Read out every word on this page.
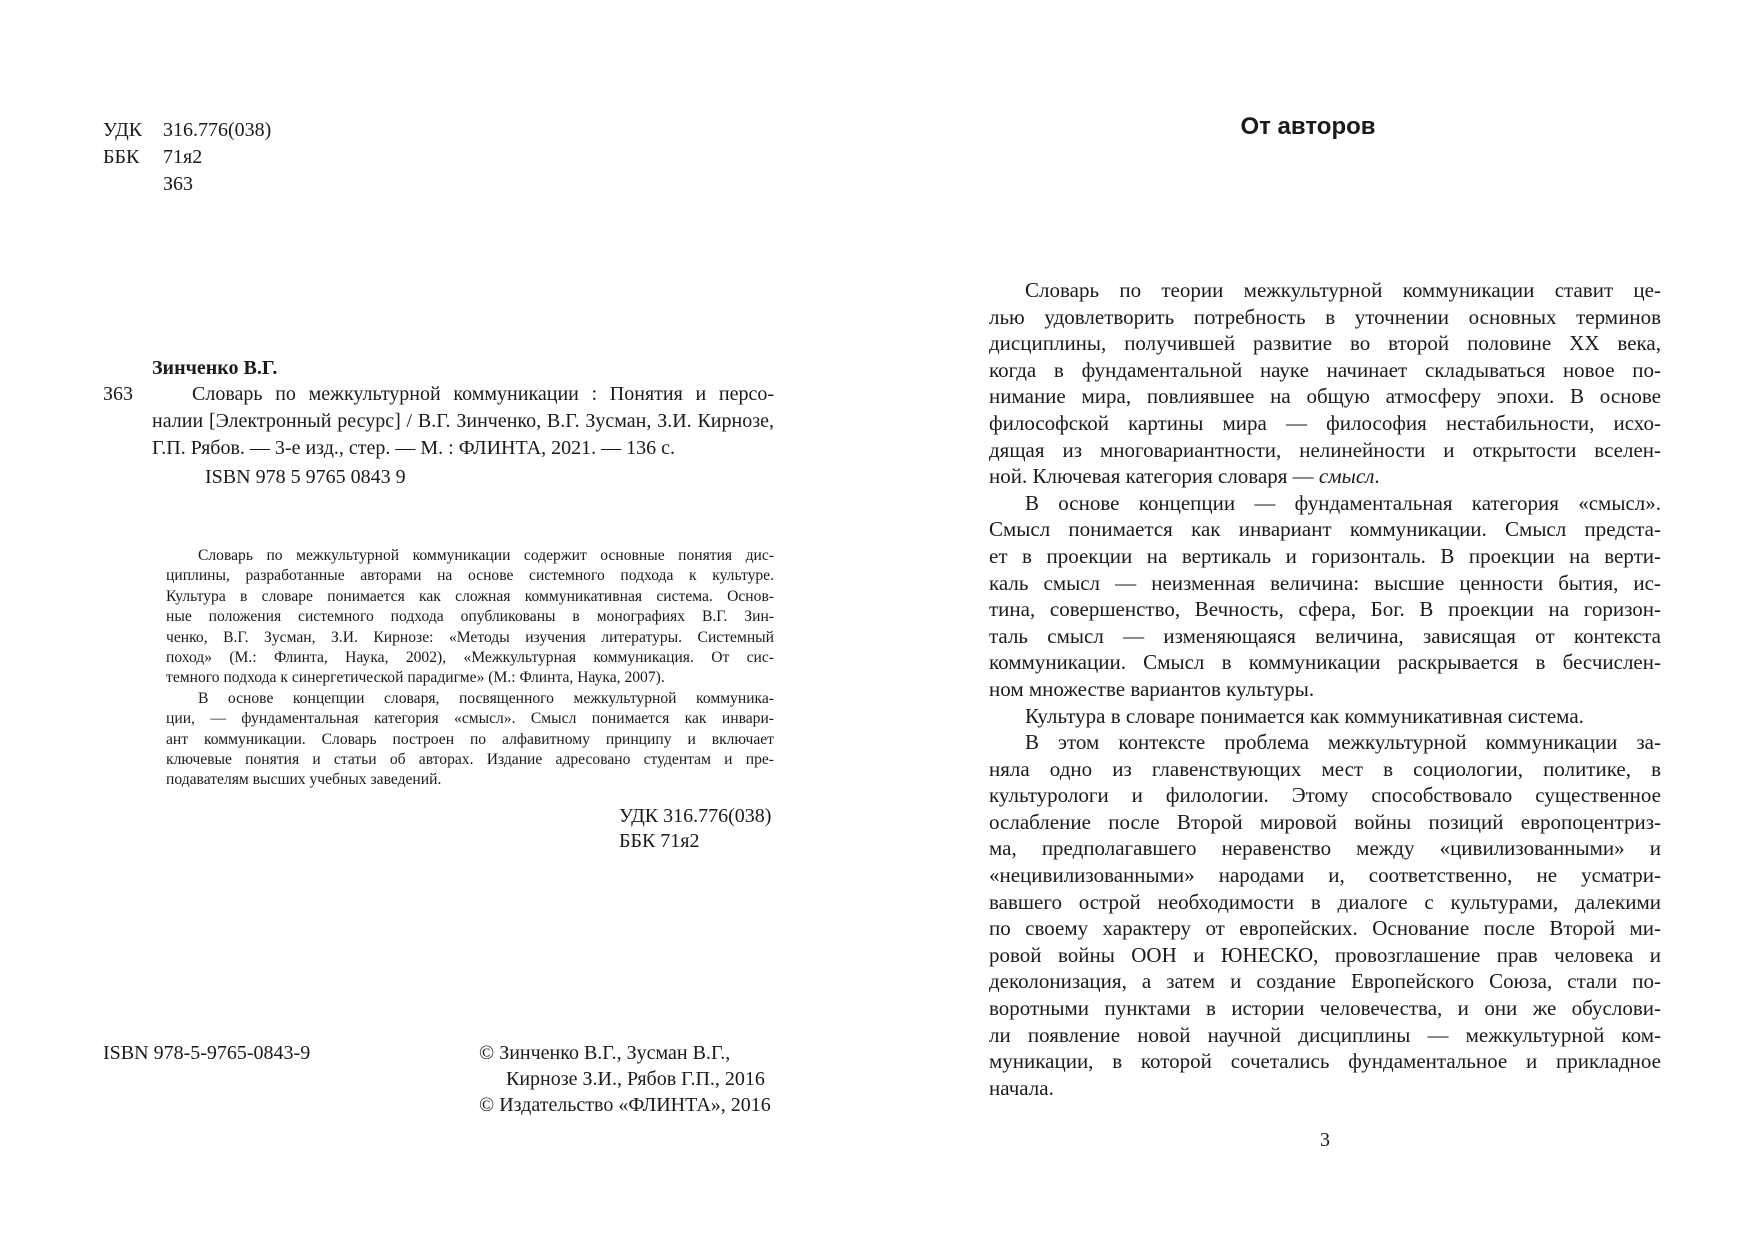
УДК 316.776(038)
ББК 71я2
З63
Зинченко В.Г.
З63	Словарь по межкультурной коммуникации : Понятия и персо-
налии [Электронный ресурс] / В.Г. Зинченко, В.Г. Зусман, З.И. Кирнозе,
Г.П. Рябов. — 3-е изд., стер. — М. : ФЛИНТА, 2021. — 136 с.
ISBN 978 5 9765 0843 9

Словарь по межкультурной коммуникации содержит основные понятия дис-
циплины, разработанные авторами на основе системного подхода к культуре.
Культура в словаре понимается как сложная коммуникативная система. Основ-
ные положения системного подхода опубликованы в монографиях В.Г. Зин-
ченко, В.Г. Зусман, З.И. Кирнозе: «Методы изучения литературы. Системный
поход» (М.: Флинта, Наука, 2002), «Межкультурная коммуникация. От сис-
темного подхода к синергетической парадигме» (М.: Флинта, Наука, 2007).

В основе концепции словаря, посвященного межкультурной коммуника-
ции, — фундаментальная категория «смысл». Смысл понимается как инвари-
ант коммуникации. Словарь построен по алфавитному принципу и включает
ключевые понятия и статьи об авторах. Издание адресовано студентам и пре-
подавателям высших учебных заведений.

УДК 316.776(038)
ББК 71я2
ISBN 978-5-9765-0843-9	© Зинченко В.Г., Зусман В.Г.,
Кирнозе З.И., Рябов Г.П., 2016
© Издательство «ФЛИНТА», 2016
От авторов

Словарь по теории межкультурной коммуникации ставит це-
лью удовлетворить потребность в уточнении основных терминов
дисциплины, получившей развитие во второй половине XX века,
когда в фундаментальной науке начинает складываться новое по-
нимание мира, повлиявшее на общую атмосферу эпохи. В основе
философской картины мира — философия нестабильности, исхо-
дящая из многовариантности, нелинейности и открытости вселен-
ной. Ключевая категория словаря — смысл.

В основе концепции — фундаментальная категория «смысл».
Смысл понимается как инвариант коммуникации. Смысл предста-
ет в проекции на вертикаль и горизонталь. В проекции на верти-
каль смысл — неизменная величина: высшие ценности бытия, ис-
тина, совершенство, Вечность, сфера, Бог. В проекции на горизон-
таль смысл — изменяющаяся величина, зависящая от контекста
коммуникации. Смысл в коммуникации раскрывается в бесчислен-
ном множестве вариантов культуры.

Культура в словаре понимается как коммуникативная система.

В этом контексте проблема межкультурной коммуникации за-
няла одно из главенствующих мест в социологии, политике, в
культурологи и филологии. Этому способствовало существенное
ослабление после Второй мировой войны позиций европоцентриз-
ма, предполагавшего неравенство между «цивилизованными» и
«нецивилизованными» народами и, соответственно, не усматри-
вавшего острой необходимости в диалоге с культурами, далекими
по своему характеру от европейских. Основание после Второй ми-
ровой войны ООН и ЮНЕСКО, провозглашение прав человека и
деколонизация, а затем и создание Европейского Союза, стали по-
воротными пунктами в истории человечества, и они же обуслови-
ли появление новой научной дисциплины — межкультурной ком-
муникации, в которой сочетались фундаментальное и прикладное
начала.

3
